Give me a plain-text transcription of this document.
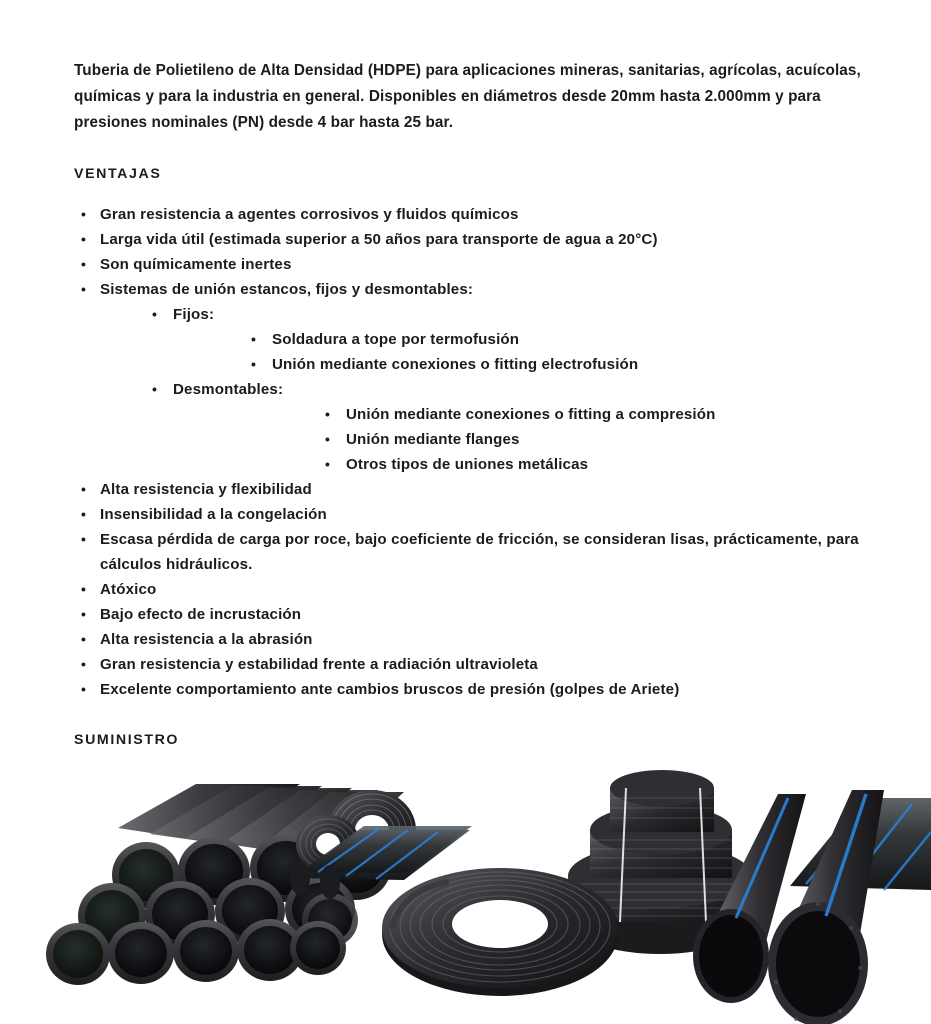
Tuberia de Polietileno de Alta Densidad (HDPE) para aplicaciones mineras, sanitarias, agrícolas, acuícolas, químicas y para la industria en general. Disponibles en diámetros desde 20mm hasta 2.000mm y para presiones nominales (PN) desde 4 bar hasta 25 bar.

VENTAJAS
• Gran resistencia a agentes corrosivos y fluidos químicos
• Larga vida útil (estimada superior a 50 años para transporte de agua a 20°C)
• Son químicamente inertes
• Sistemas de unión estancos, fijos y desmontables:
• Fijos:
• Soldadura a tope por termofusión
• Unión mediante conexiones o fitting electrofusión
• Desmontables:
• Unión mediante conexiones o fitting a compresión
• Unión mediante flanges
• Otros tipos de uniones metálicas
• Alta resistencia y flexibilidad
• Insensibilidad a la congelación
• Escasa pérdida de carga por roce, bajo coeficiente de fricción, se consideran lisas, prácticamente, para cálculos hidráulicos.
• Atóxico
• Bajo efecto de incrustación
• Alta resistencia a la abrasión
• Gran resistencia y estabilidad frente a radiación ultravioleta
• Excelente comportamiento ante cambios bruscos de presión (golpes de Ariete)
SUMINISTRO
